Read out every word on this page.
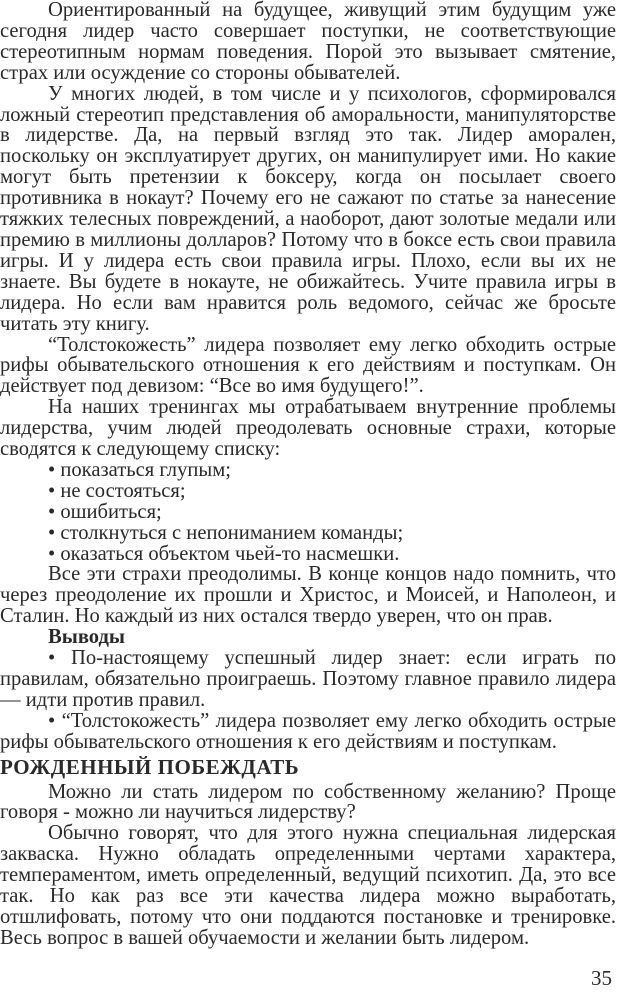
Ориентированный на будущее, живущий этим будущим уже сегодня лидер часто совершает поступки, не соответствующие стереотипным нормам поведения. Порой это вызывает смятение, страх или осуждение со стороны обывателей.

У многих людей, в том числе и у психологов, сформировался ложный стереотип представления об аморальности, манипуляторстве в лидерстве. Да, на первый взгляд это так. Лидер аморален, поскольку он эксплуатирует других, он манипулирует ими. Но какие могут быть претензии к боксеру, когда он посылает своего противника в нокаут? Почему его не сажают по статье за нанесение тяжких телесных повреждений, а наоборот, дают золотые медали или премию в миллионы долларов? Потому что в боксе есть свои правила игры. И у лидера есть свои правила игры. Плохо, если вы их не знаете. Вы будете в нокауте, не обижайтесь. Учите правила игры в лидера. Но если вам нравится роль ведомого, сейчас же бросьте читать эту книгу.

“Толстокожесть” лидера позволяет ему легко обходить острые рифы обывательского отношения к его действиям и поступкам. Он действует под девизом: “Все во имя будущего!”.

На наших тренингах мы отрабатываем внутренние проблемы лидерства, учим людей преодолевать основные страхи, которые сводятся к следующему списку:

• показаться глупым;
• не состояться;
• ошибиться;
• столкнуться с непониманием команды;
• оказаться объектом чьей-то насмешки.

Все эти страхи преодолимы. В конце концов надо помнить, что через преодоление их прошли и Христос, и Моисей, и Наполеон, и Сталин. Но каждый из них остался твердо уверен, что он прав.

Выводы

• По-настоящему успешный лидер знает: если играть по правилам, обязательно проиграешь. Поэтому главное правило лидера — идти против правил.

• “Толстокожесть” лидера позволяет ему легко обходить острые рифы обывательского отношения к его действиям и поступкам.

РОЖДЕННЫЙ ПОБЕЖДАТЬ

Можно ли стать лидером по собственному желанию? Проще говоря - можно ли научиться лидерству?

Обычно говорят, что для этого нужна специальная лидерская закваска. Нужно обладать определенными чертами характера, темпераментом, иметь определенный, ведущий психотип. Да, это все так. Но как раз все эти качества лидера можно выработать, отшлифовать, потому что они поддаются постановке и тренировке. Весь вопрос в вашей обучаемости и желании быть лидером.

35
